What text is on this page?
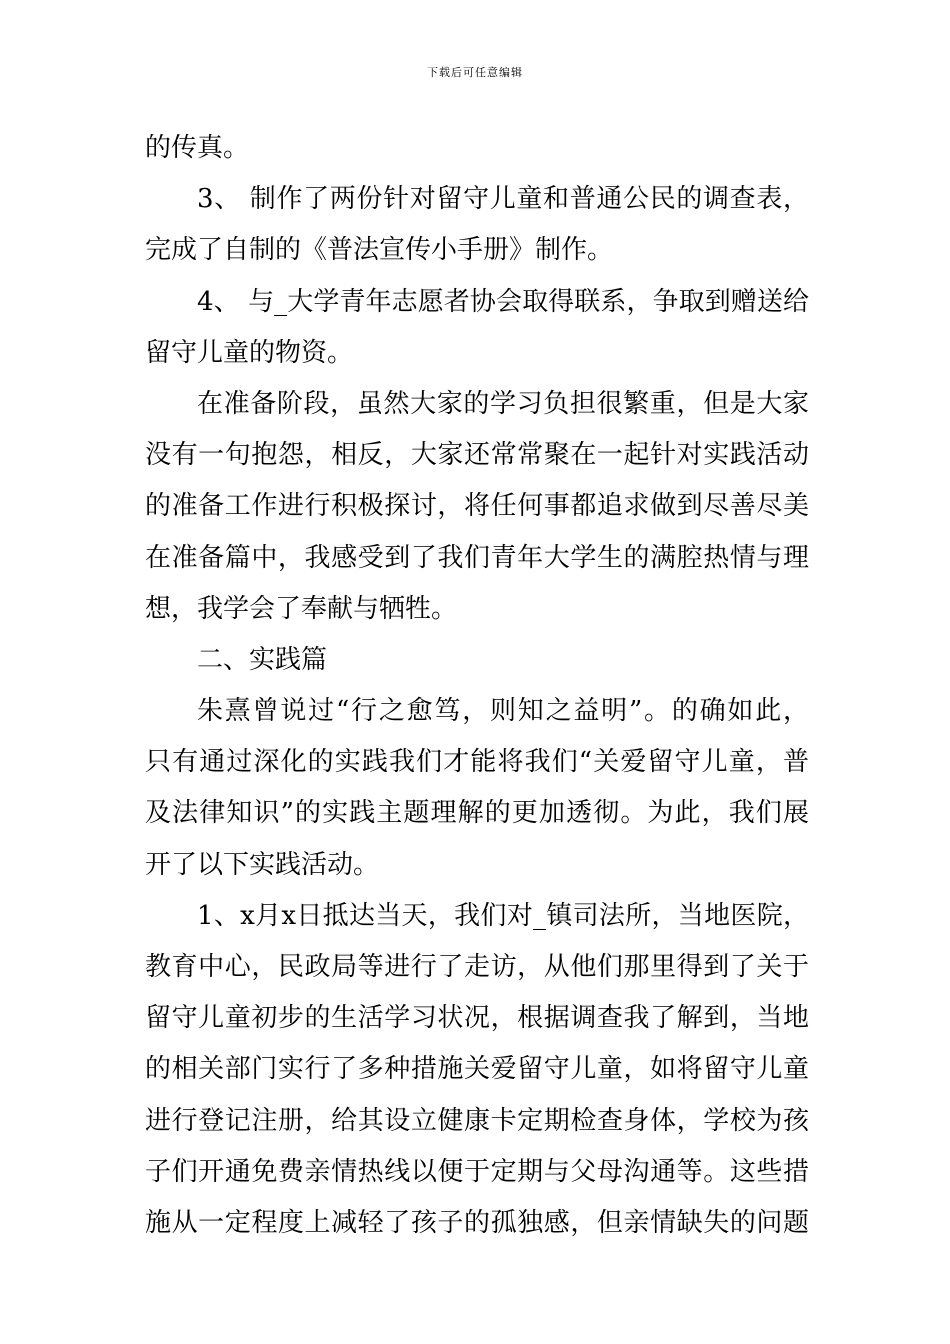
下载后可任意编辑
的传真。
3、 制作了两份针对留守儿童和普通公民的调查表，
完成了自制的《普法宣传小手册》制作。
4、 与_大学青年志愿者协会取得联系，争取到赠送给
留守儿童的物资。
在准备阶段，虽然大家的学习负担很繁重，但是大家
没有一句抱怨，相反，大家还常常聚在一起针对实践活动
的准备工作进行积极探讨，将任何事都追求做到尽善尽美
在准备篇中，我感受到了我们青年大学生的满腔热情与理
想，我学会了奉献与牺牲。
二、实践篇
朱熹曾说过“行之愈笃，则知之益明”。的确如此，
只有通过深化的实践我们才能将我们“关爱留守儿童，普
及法律知识”的实践主题理解的更加透彻。为此，我们展
开了以下实践活动。
1、x月x日抵达当天，我们对_镇司法所，当地医院，
教育中心，民政局等进行了走访，从他们那里得到了关于
留守儿童初步的生活学习状况，根据调查我了解到，当地
的相关部门实行了多种措施关爱留守儿童，如将留守儿童
进行登记注册，给其设立健康卡定期检查身体，学校为孩
子们开通免费亲情热线以便于定期与父母沟通等。这些措
施从一定程度上减轻了孩子的孤独感，但亲情缺失的问题
